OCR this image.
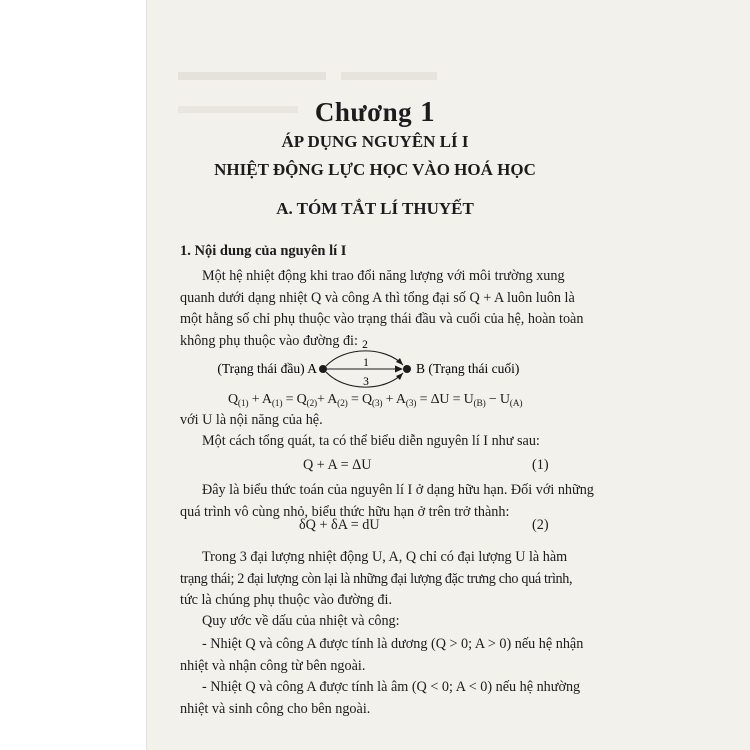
Chương 1
ÁP DỤNG NGUYÊN LÍ I
NHIỆT ĐỘNG LỰC HỌC VÀO HOÁ HỌC
A. TÓM TẮT LÍ THUYẾT
1. Nội dung của nguyên lí I
Một hệ nhiệt động khi trao đổi năng lượng với môi trường xung
quanh dưới dạng nhiệt Q và công A thì tổng đại số Q + A luôn luôn là
một hằng số chỉ phụ thuộc vào trạng thái đầu và cuối của hệ, hoàn toàn
không phụ thuộc vào đường đi:
(Trạng thái đầu) A	B (Trạng thái cuối)
2
1
3
$Q_{(1)} + A_{(1)} = Q_{(2)}+ A_{(2)} = Q_{(3)} + A_{(3)} = \Delta U = U_{(B)} - U_{(A)}$
với U là nội năng của hệ.
Một cách tổng quát, ta có thể biểu diễn nguyên lí I như sau:
Q + A = ΔU	(1)
Đây là biểu thức toán của nguyên lí I ở dạng hữu hạn. Đối với những
quá trình vô cùng nhỏ, biểu thức hữu hạn ở trên trở thành:
δQ + δA = dU	(2)
Trong 3 đại lượng nhiệt động U, A, Q chỉ có đại lượng U là hàm
trạng thái; 2 đại lượng còn lại là những đại lượng đặc trưng cho quá trình,
tức là chúng phụ thuộc vào đường đi.
Quy ước về dấu của nhiệt và công:
- Nhiệt Q và công A được tính là dương (Q > 0; A > 0) nếu hệ nhận
nhiệt và nhận công từ bên ngoài.
- Nhiệt Q và công A được tính là âm (Q < 0; A < 0) nếu hệ nhường
nhiệt và sinh công cho bên ngoài.
